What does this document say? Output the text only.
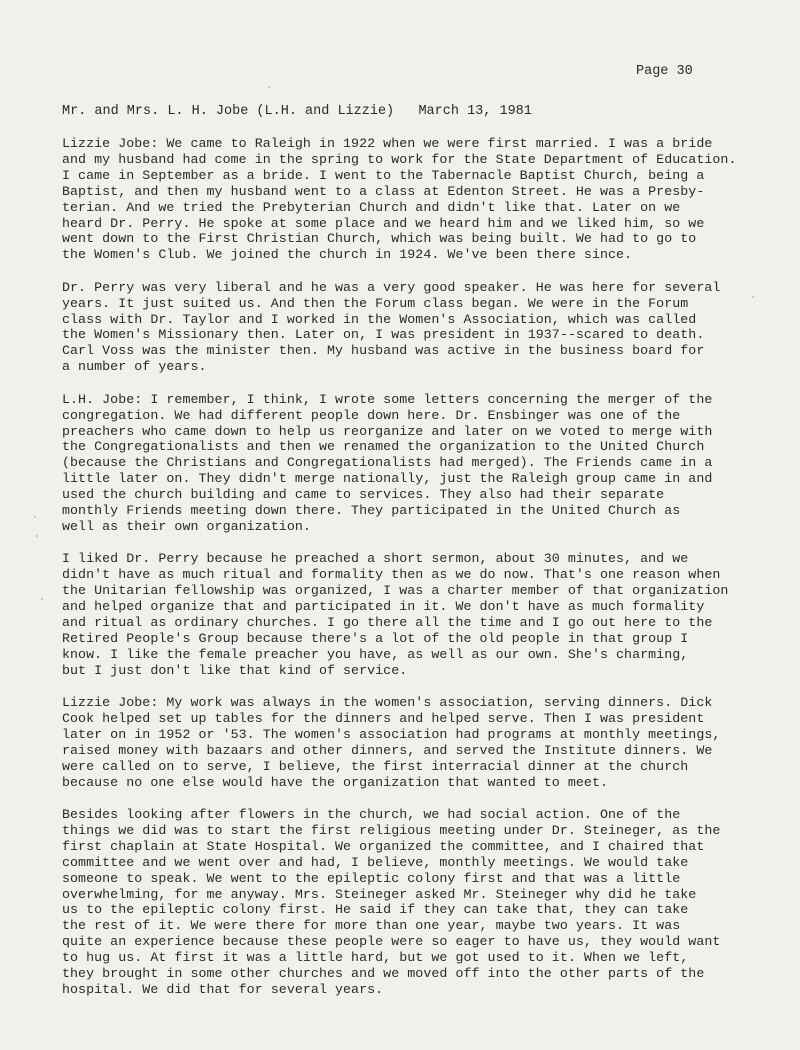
Page 30
Mr. and Mrs. L. H. Jobe (L.H. and Lizzie)   March 13, 1981
Lizzie Jobe: We came to Raleigh in 1922 when we were first married. I was a bride
and my husband had come in the spring to work for the State Department of Education.
I came in September as a bride. I went to the Tabernacle Baptist Church, being a
Baptist, and then my husband went to a class at Edenton Street. He was a Presby-
terian. And we tried the Prebyterian Church and didn't like that. Later on we
heard Dr. Perry. He spoke at some place and we heard him and we liked him, so we
went down to the First Christian Church, which was being built. We had to go to
the Women's Club. We joined the church in 1924. We've been there since.
Dr. Perry was very liberal and he was a very good speaker. He was here for several
years. It just suited us. And then the Forum class began. We were in the Forum
class with Dr. Taylor and I worked in the Women's Association, which was called
the Women's Missionary then. Later on, I was president in 1937--scared to death.
Carl Voss was the minister then. My husband was active in the business board for
a number of years.
L.H. Jobe: I remember, I think, I wrote some letters concerning the merger of the
congregation. We had different people down here. Dr. Ensbinger was one of the
preachers who came down to help us reorganize and later on we voted to merge with
the Congregationalists and then we renamed the organization to the United Church
(because the Christians and Congregationalists had merged). The Friends came in a
little later on. They didn't merge nationally, just the Raleigh group came in and
used the church building and came to services. They also had their separate
monthly Friends meeting down there. They participated in the United Church as
well as their own organization.
I liked Dr. Perry because he preached a short sermon, about 30 minutes, and we
didn't have as much ritual and formality then as we do now. That's one reason when
the Unitarian fellowship was organized, I was a charter member of that organization
and helped organize that and participated in it. We don't have as much formality
and ritual as ordinary churches. I go there all the time and I go out here to the
Retired People's Group because there's a lot of the old people in that group I
know. I like the female preacher you have, as well as our own. She's charming,
but I just don't like that kind of service.
Lizzie Jobe: My work was always in the women's association, serving dinners. Dick
Cook helped set up tables for the dinners and helped serve. Then I was president
later on in 1952 or '53. The women's association had programs at monthly meetings,
raised money with bazaars and other dinners, and served the Institute dinners. We
were called on to serve, I believe, the first interracial dinner at the church
because no one else would have the organization that wanted to meet.
Besides looking after flowers in the church, we had social action. One of the
things we did was to start the first religious meeting under Dr. Steineger, as the
first chaplain at State Hospital. We organized the committee, and I chaired that
committee and we went over and had, I believe, monthly meetings. We would take
someone to speak. We went to the epileptic colony first and that was a little
overwhelming, for me anyway. Mrs. Steineger asked Mr. Steineger why did he take
us to the epileptic colony first. He said if they can take that, they can take
the rest of it. We were there for more than one year, maybe two years. It was
quite an experience because these people were so eager to have us, they would want
to hug us. At first it was a little hard, but we got used to it. When we left,
they brought in some other churches and we moved off into the other parts of the
hospital. We did that for several years.
